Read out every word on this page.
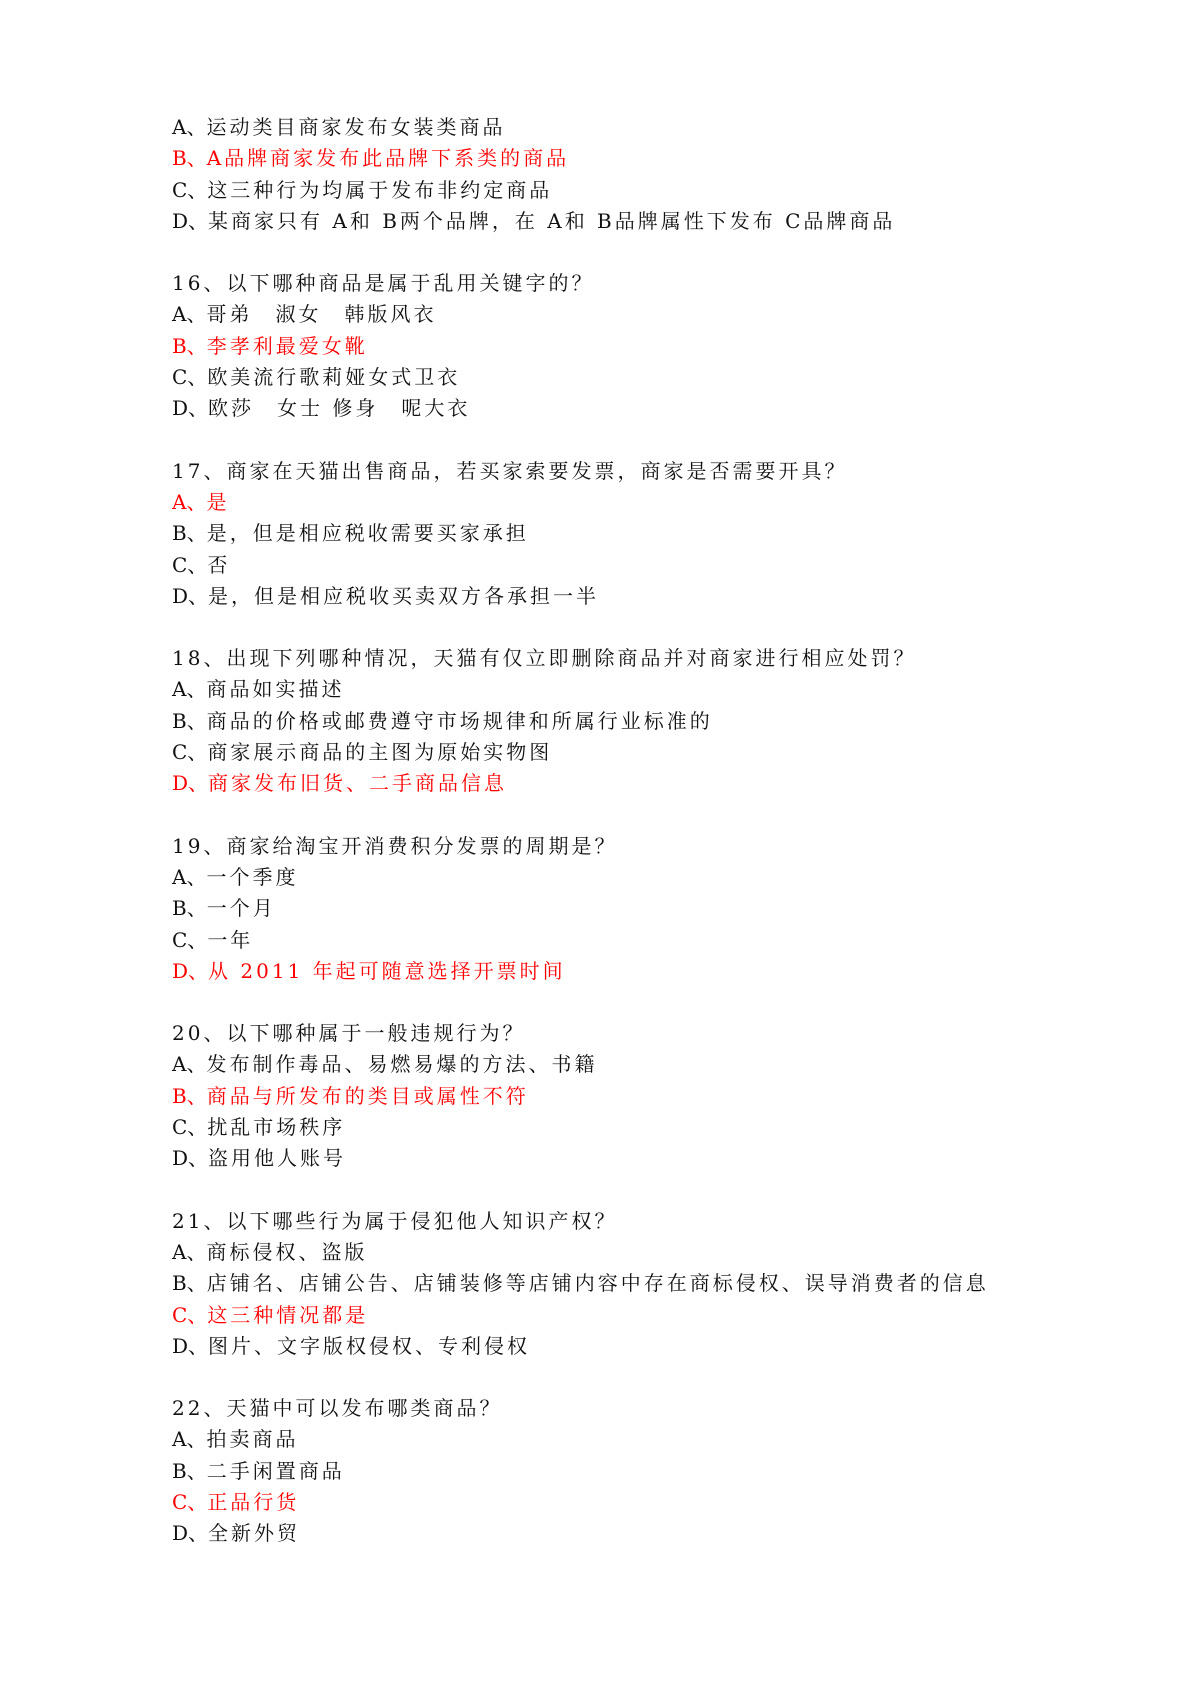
A、运动类目商家发布女装类商品
B、A品牌商家发布此品牌下系类的商品
C、这三种行为均属于发布非约定商品
D、某商家只有 A和 B两个品牌，在 A和 B品牌属性下发布 C品牌商品
16、以下哪种商品是属于乱用关键字的？
A、哥弟　淑女　韩版风衣
B、李孝利最爱女靴
C、欧美流行歌莉娅女式卫衣
D、欧莎　女士 修身　呢大衣
17、商家在天猫出售商品，若买家索要发票，商家是否需要开具？
A、是
B、是，但是相应税收需要买家承担
C、否
D、是，但是相应税收买卖双方各承担一半
18、出现下列哪种情况，天猫有仅立即删除商品并对商家进行相应处罚？
A、商品如实描述
B、商品的价格或邮费遵守市场规律和所属行业标准的
C、商家展示商品的主图为原始实物图
D、商家发布旧货、二手商品信息
19、商家给淘宝开消费积分发票的周期是？
A、一个季度
B、一个月
C、一年
D、从 2011 年起可随意选择开票时间
20、以下哪种属于一般违规行为？
A、发布制作毒品、易燃易爆的方法、书籍
B、商品与所发布的类目或属性不符
C、扰乱市场秩序
D、盗用他人账号
21、以下哪些行为属于侵犯他人知识产权？
A、商标侵权、盗版
B、店铺名、店铺公告、店铺装修等店铺内容中存在商标侵权、误导消费者的信息
C、这三种情况都是
D、图片、文字版权侵权、专利侵权
22、天猫中可以发布哪类商品？
A、拍卖商品
B、二手闲置商品
C、正品行货
D、全新外贸
